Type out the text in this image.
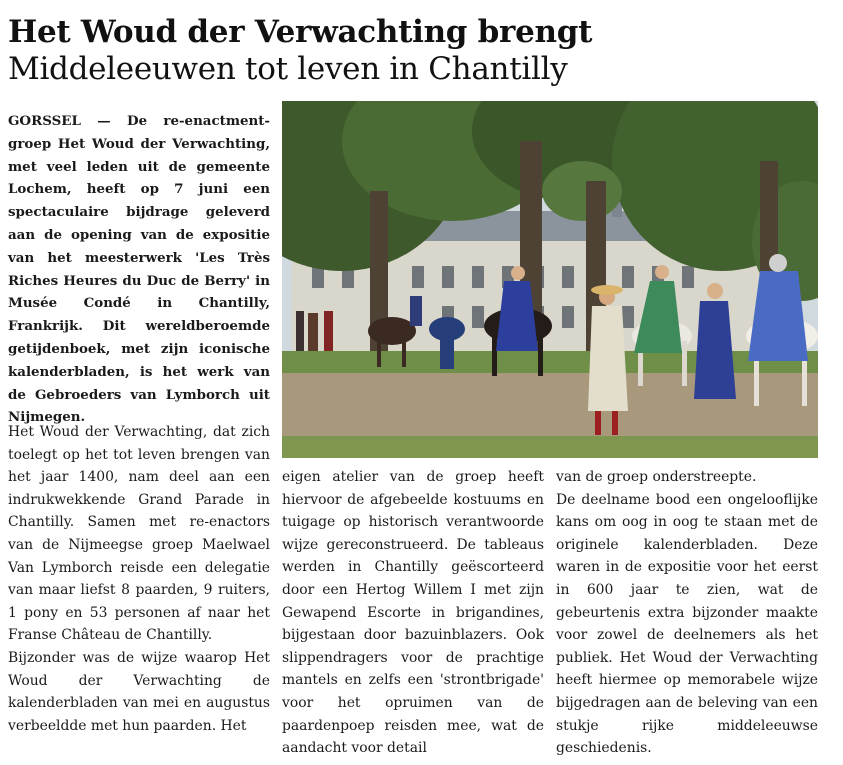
Het Woud der Verwachting brengt
Middeleeuwen tot leven in Chantilly
GORSSEL — De re-enactment-groep Het Woud der Verwachting, met veel leden uit de gemeente Lochem, heeft op 7 juni een spectaculaire bijdrage geleverd aan de opening van de expositie van het meesterwerk 'Les Très Riches Heures du Duc de Berry' in Musée Condé in Chantilly, Frankrijk. Dit wereldberoemde getijdenboek, met zijn iconische kalenderbladen, is het werk van de Gebroeders van Lymborch uit Nijmegen.

Het Woud der Verwachting, dat zich toelegt op het tot leven brengen van het jaar 1400, nam deel aan een indrukwekkende Grand Parade in Chantilly. Samen met re-enactors van de Nijmeegse groep Maelwael Van Lymborch reisde een delegatie van maar liefst 8 paarden, 9 ruiters, 1 pony en 53 personen af naar het Franse Château de Chantilly.

Bijzonder was de wijze waarop Het Woud der Verwachting de kalenderbladen van mei en augustus verbeeldde met hun paarden. Het

eigen atelier van de groep heeft hiervoor de afgebeelde kostuums en tuigage op historisch verantwoorde wijze gereconstrueerd. De tableaus werden in Chantilly geëscorteerd door een Hertog Willem I met zijn Gewapend Escorte in brigandines, bijgestaan door bazuinblazers. Ook slippendragers voor de prachtige mantels en zelfs een 'strontbrigade' voor het opruimen van de paardenpoep reisden mee, wat de aandacht voor detail

van de groep onderstreepte.

De deelname bood een ongelooflijke kans om oog in oog te staan met de originele kalenderbladen. Deze waren in de expositie voor het eerst in 600 jaar te zien, wat de gebeurtenis extra bijzonder maakte voor zowel de deelnemers als het publiek. Het Woud der Verwachting heeft hiermee op memorabele wijze bijgedragen aan de beleving van een stukje rijke middeleeuwse geschiedenis.
